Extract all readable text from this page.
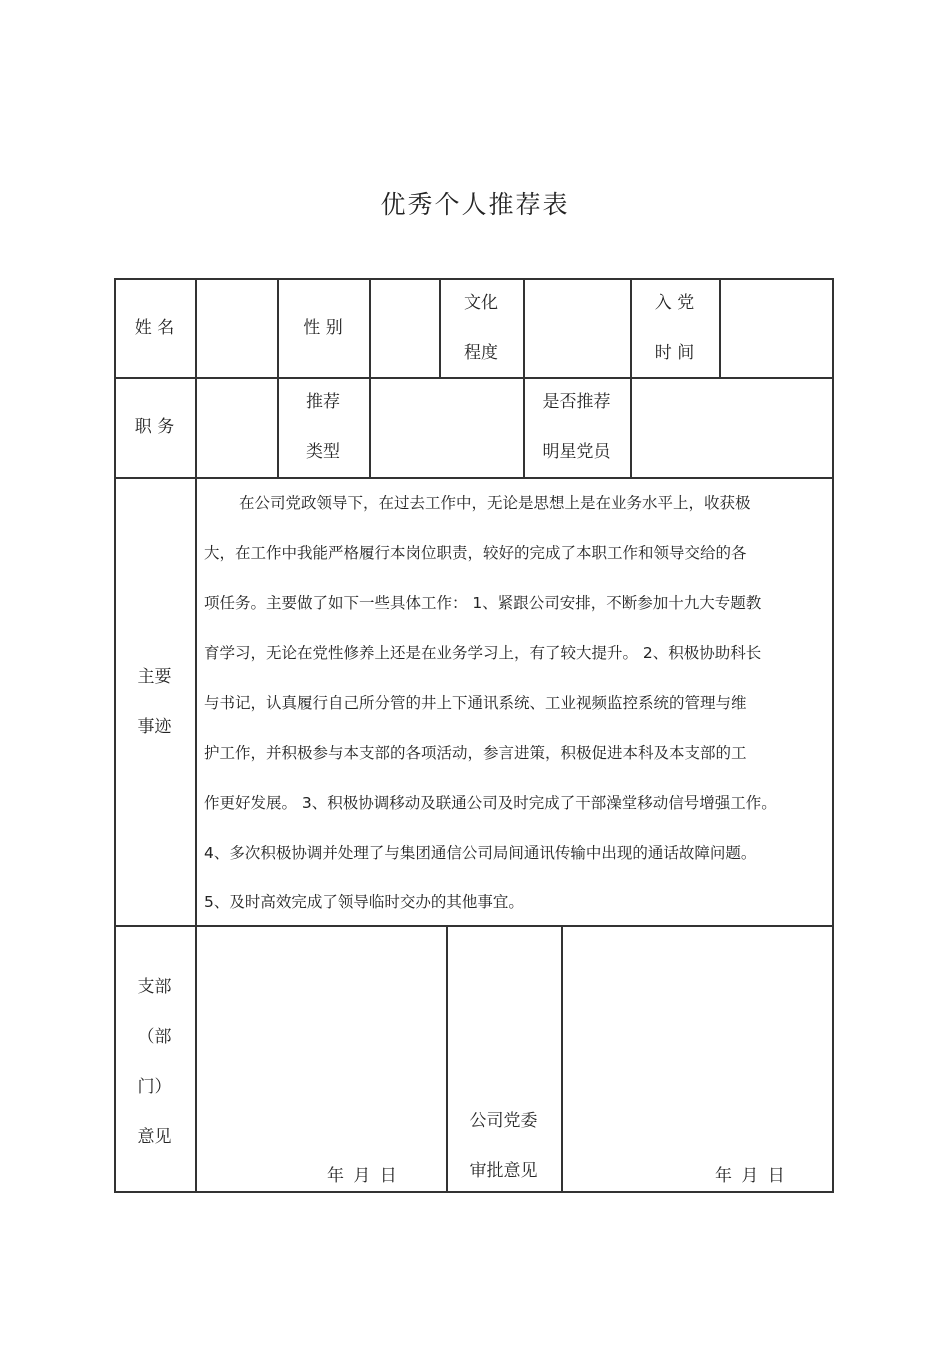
优秀个人推荐表
姓 名	性 别
文化
程度
入 党
时 间
职 务
推荐
类型
是否推荐
明星党员
主要
事迹
在公司党政领导下，在过去工作中，无论是思想上是在业务水平上，收获极
大，在工作中我能严格履行本岗位职责，较好的完成了本职工作和领导交给的各
项任务。主要做了如下一些具体工作： 1、紧跟公司安排，不断参加十九大专题教
育学习，无论在党性修养上还是在业务学习上，有了较大提升。 2、积极协助科长
与书记，认真履行自己所分管的井上下通讯系统、工业视频监控系统的管理与维
护工作，并积极参与本支部的各项活动，参言进策，积极促进本科及本支部的工
作更好发展。 3、积极协调移动及联通公司及时完成了干部澡堂移动信号增强工作。
4、多次积极协调并处理了与集团通信公司局间通讯传输中出现的通话故障问题。
5、及时高效完成了领导临时交办的其他事宜。
支部
（部
门）
意见
年 月 日
公司党委
审批意见	年 月 日
